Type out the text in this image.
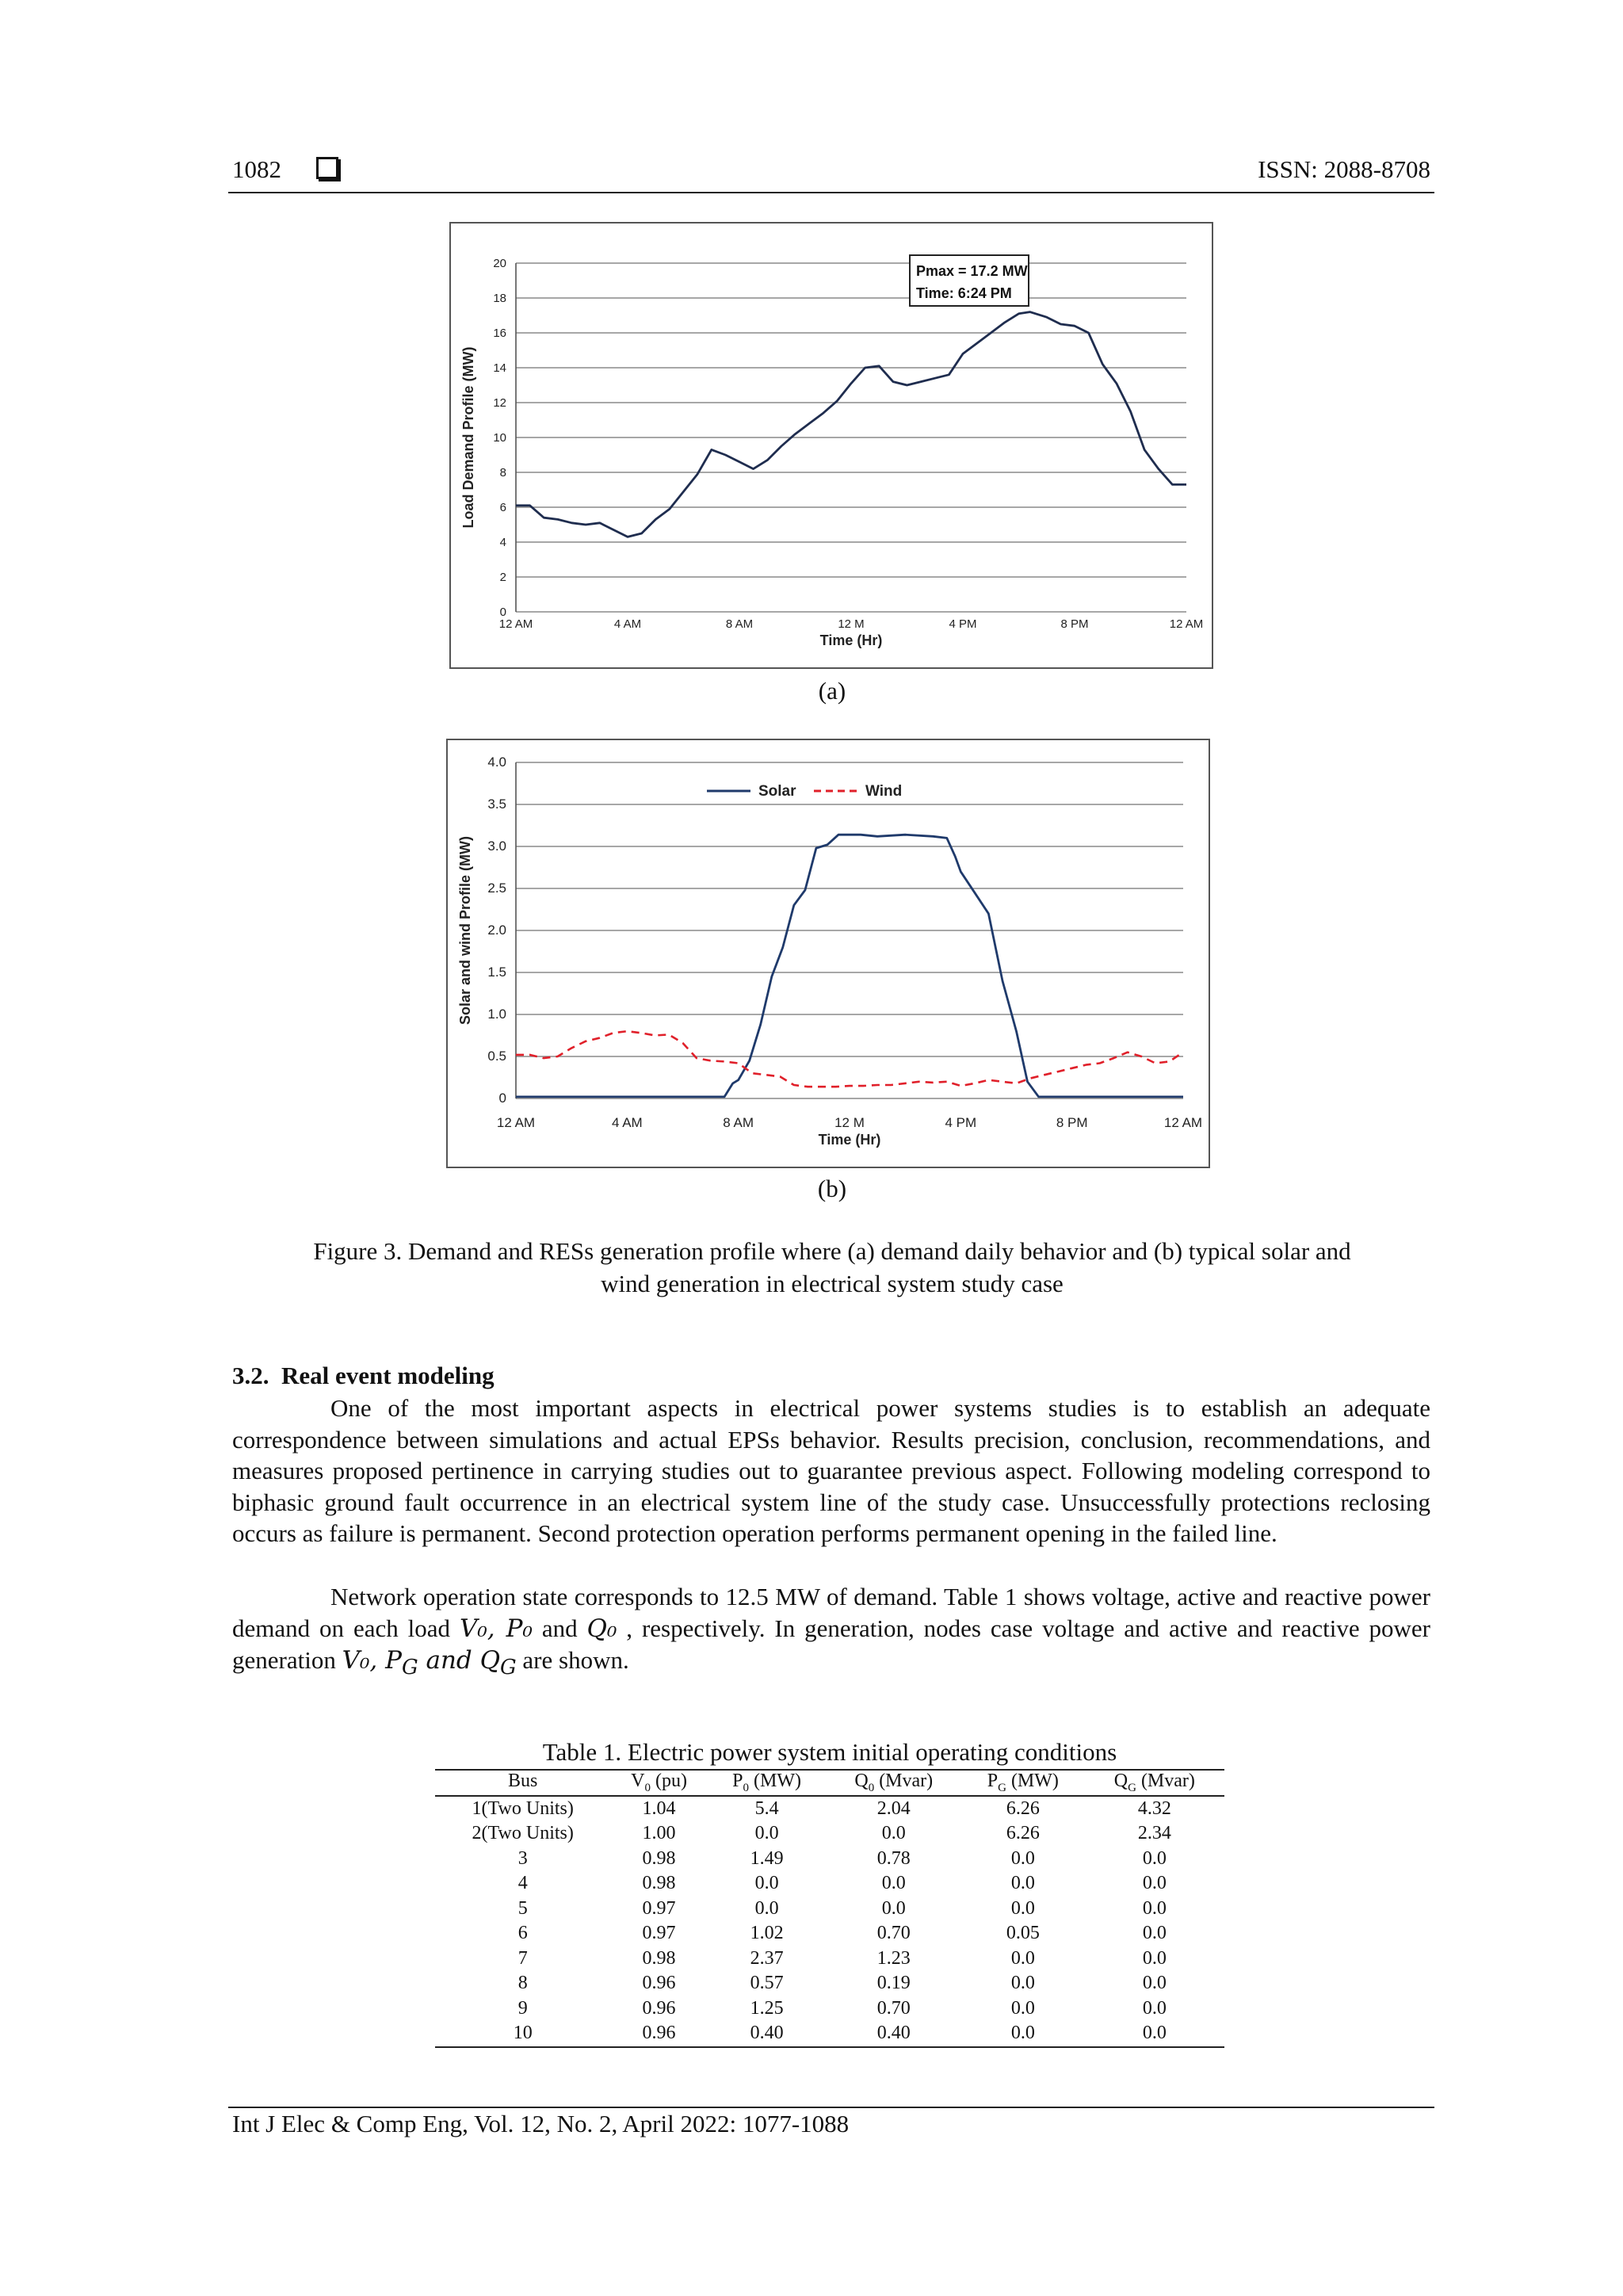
1082	ISSN: 2088-8708
0
2
4
6
8
10
12
14
16
18
20
12 AM	4 AM	8 AM	12 M	4 PM	8 PM	12 AM
Time (Hr)
Load Demand Profile (MW)
Pmax = 17.2 MW
Time: 6:24 PM
(a)
0
0.5
1.0
1.5
2.0
2.5
3.0
3.5
4.0
12 AM	4 AM	8 AM	12 M	4 PM	8 PM	12 AM
Time (Hr)
Solar and wind Profile (MW)
Solar	Wind
(b)
Figure 3. Demand and RESs generation profile where (a) demand daily behavior and (b) typical solar and
wind generation in electrical system study case
3.2.  Real event modeling
One of the most important aspects in electrical power systems studies is to establish an adequate correspondence between simulations and actual EPSs behavior. Results precision, conclusion, recommendations, and measures proposed pertinence in carrying studies out to guarantee previous aspect. Following modeling correspond to biphasic ground fault occurrence in an electrical system line of the study case. Unsuccessfully protections reclosing occurs as failure is permanent. Second protection operation performs permanent opening in the failed line.
Network operation state corresponds to 12.5 MW of demand. Table 1 shows voltage, active and reactive power demand on each load V₀, P₀ and Q₀ , respectively. In generation, nodes case voltage and active and reactive power generation V₀, $P_G$ and $Q_G$ are shown.
Table 1. Electric power system initial operating conditions
Bus	$V_0$ (pu)	$P_0$ (MW)	$Q_0$ (Mvar)	$P_G$ (MW)	$Q_G$ (Mvar)
1(Two Units)	1.04	5.4	2.04	6.26	4.32
2(Two Units)	1.00	0.0	0.0	6.26	2.34
3	0.98	1.49	0.78	0.0	0.0
4	0.98	0.0	0.0	0.0	0.0
5	0.97	0.0	0.0	0.0	0.0
6	0.97	1.02	0.70	0.05	0.0
7	0.98	2.37	1.23	0.0	0.0
8	0.96	0.57	0.19	0.0	0.0
9	0.96	1.25	0.70	0.0	0.0
10	0.96	0.40	0.40	0.0	0.0
Int J Elec & Comp Eng, Vol. 12, No. 2, April 2022: 1077-1088
